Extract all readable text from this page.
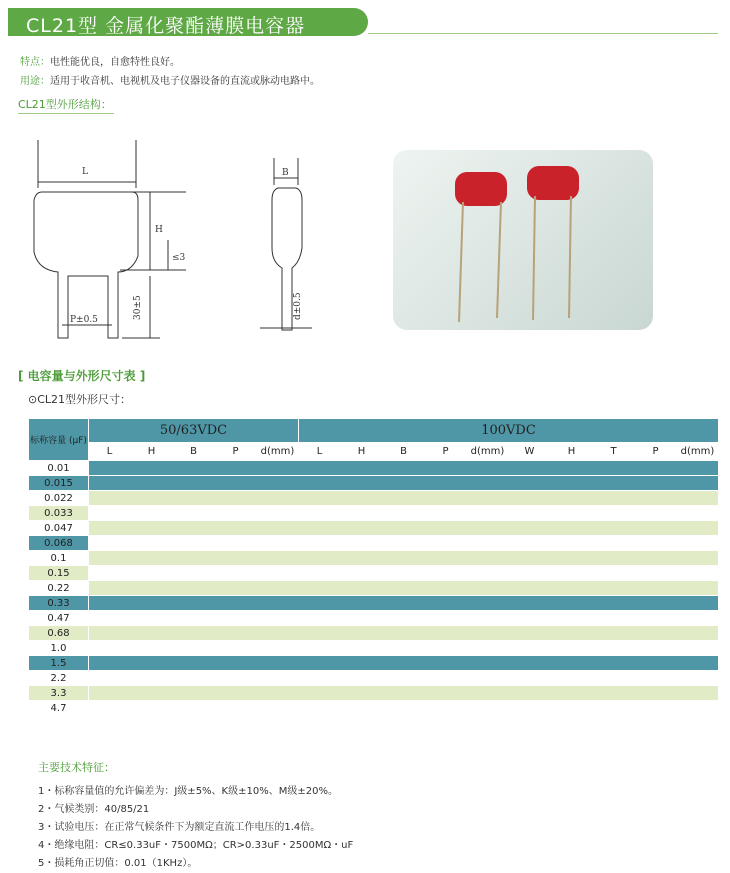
CL21型 金属化聚酯薄膜电容器
特点：电性能优良，自愈特性良好。
用途：适用于收音机、电视机及电子仪器设备的直流或脉动电路中。
CL21型外形结构：
L
H
≤3
30±5
P±0.5
B
d±0.5
[ 电容量与外形尺寸表 ]
⊙CL21型外形尺寸：
标称容量 (μF)	50/63VDC					100VDC									
	L	H	B	P	d(mm)	L	H	B	P	d(mm)	W	H	T	P	d(mm)
0.01															
0.015															
0.022															
0.033															
0.047															
0.068															
0.1															
0.15															
0.22															
0.33															
0.47															
0.68															
1.0															
1.5															
2.2															
3.3															
4.7															
主要技术特征：
1・标称容量值的允许偏差为：J级±5%、K级±10%、M级±20%。
2・气候类别：40/85/21
3・试验电压：在正常气候条件下为额定直流工作电压的1.4倍。
4・绝缘电阻：CR≤0.33uF・7500MΩ；CR>0.33uF・2500MΩ・uF
5・损耗角正切值：0.01（1KHz）。
